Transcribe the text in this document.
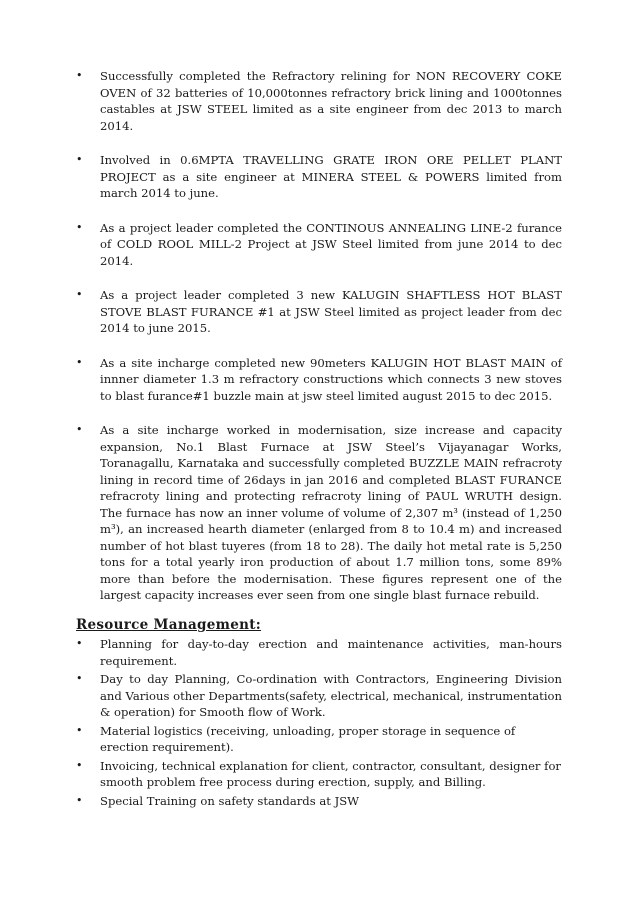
• Successfully completed the Refractory relining for NON RECOVERY COKE OVEN of 32 batteries of 10,000tonnes refractory brick lining and 1000tonnes castables at JSW STEEL limited as a site engineer from dec 2013 to march 2014.
• Involved in 0.6MPTA TRAVELLING GRATE IRON ORE PELLET PLANT PROJECT as a site engineer at MINERA STEEL & POWERS limited from march 2014 to june.
• As a project leader completed the CONTINOUS ANNEALING LINE-2 furance of COLD ROOL MILL-2 Project at JSW Steel limited from june 2014 to dec 2014.
• As a project leader completed 3 new KALUGIN SHAFTLESS HOT BLAST STOVE BLAST FURANCE #1 at JSW Steel limited as project leader from dec 2014 to june 2015.
• As a site incharge completed new 90meters KALUGIN HOT BLAST MAIN of innner diameter 1.3 m refractory constructions which connects 3 new stoves to blast furance#1 buzzle main at jsw steel limited august 2015 to dec 2015.
• As a site incharge worked in modernisation, size increase and capacity expansion, No.1 Blast Furnace at JSW Steel’s Vijayanagar Works, Toranagallu, Karnataka and successfully completed BUZZLE MAIN refracroty lining in record time of 26days in jan 2016 and completed BLAST FURANCE refracroty lining and protecting refracroty lining of PAUL WRUTH design. The furnace has now an inner volume of volume of 2,307 m³ (instead of 1,250 m³), an increased hearth diameter (enlarged from 8 to 10.4 m) and increased number of hot blast tuyeres (from 18 to 28). The daily hot metal rate is 5,250 tons for a total yearly iron production of about 1.7 million tons, some 89% more than before the modernisation. These figures represent one of the largest capacity increases ever seen from one single blast furnace rebuild.
Resource Management:
• Planning for day-to-day erection and maintenance activities, man-hours requirement.
• Day to day Planning, Co-ordination with Contractors, Engineering Division and Various other Departments(safety, electrical, mechanical, instrumentation & operation) for Smooth flow of Work.
• Material logistics (receiving, unloading, proper storage in sequence of erection requirement).
• Invoicing, technical explanation for client, contractor, consultant, designer for smooth problem free process during erection, supply, and Billing.
• Special Training on safety standards at JSW
